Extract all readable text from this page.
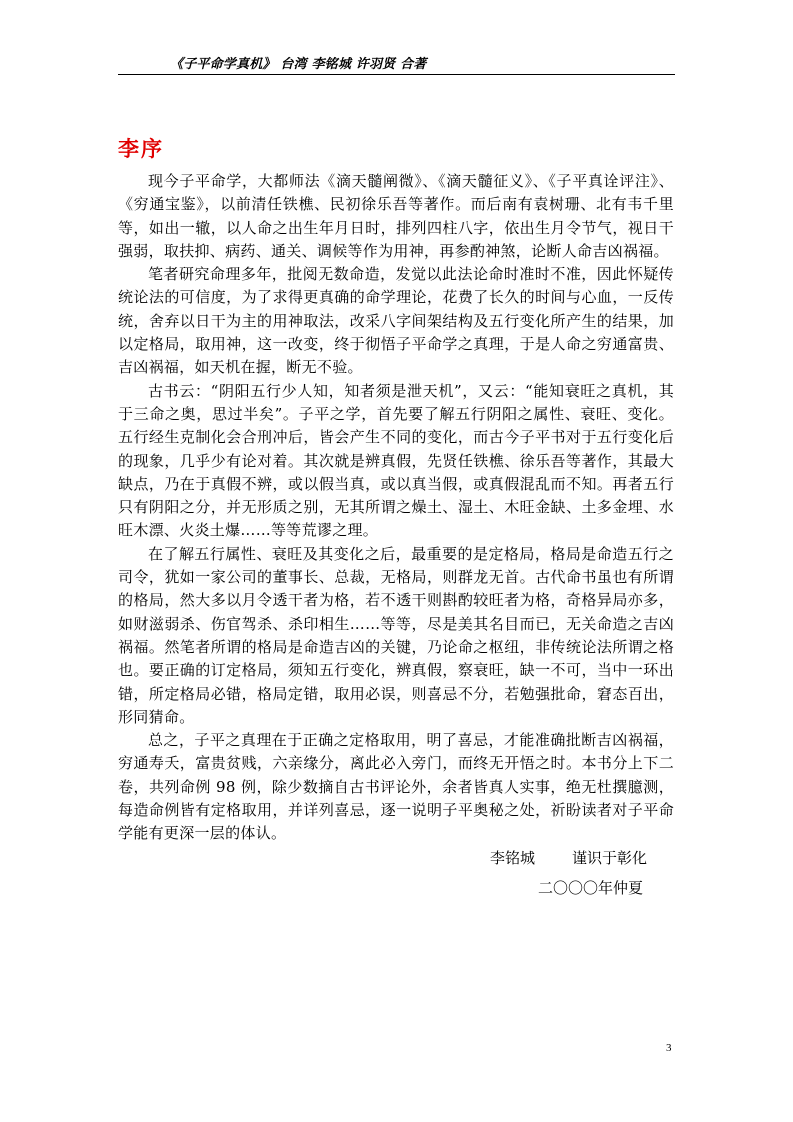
《子平命学真机》 台湾 李铭城 许羽贤 合著
李序

现今子平命学，大都师法《滴天髓阐微》、《滴天髓征义》、《子平真诠评注》、《穷通宝鉴》，以前清任铁樵、民初徐乐吾等著作。而后南有袁树珊、北有韦千里等，如出一辙，以人命之出生年月日时，排列四柱八字，依出生月令节气，视日干强弱，取扶抑、病药、通关、调候等作为用神，再参酌神煞，论断人命吉凶祸福。

笔者研究命理多年，批阅无数命造，发觉以此法论命时准时不准，因此怀疑传统论法的可信度，为了求得更真确的命学理论，花费了长久的时间与心血，一反传统，舍弃以日干为主的用神取法，改采八字间架结构及五行变化所产生的结果，加以定格局，取用神，这一改变，终于彻悟子平命学之真理，于是人命之穷通富贵、吉凶祸福，如天机在握，断无不验。

古书云：“阴阳五行少人知，知者须是泄天机”，又云：“能知衰旺之真机，其于三命之奥，思过半矣”。子平之学，首先要了解五行阴阳之属性、衰旺、变化。五行经生克制化会合刑冲后，皆会产生不同的变化，而古今子平书对于五行变化后的现象，几乎少有论对着。其次就是辨真假，先贤任铁樵、徐乐吾等著作，其最大缺点，乃在于真假不辨，或以假当真，或以真当假，或真假混乱而不知。再者五行只有阴阳之分，并无形质之别，无其所谓之燥土、湿土、木旺金缺、土多金埋、水旺木漂、火炎土爆……等等荒谬之理。

在了解五行属性、衰旺及其变化之后，最重要的是定格局，格局是命造五行之司令，犹如一家公司的董事长、总裁，无格局，则群龙无首。古代命书虽也有所谓的格局，然大多以月令透干者为格，若不透干则斟酌较旺者为格，奇格异局亦多，如财滋弱杀、伤官驾杀、杀印相生……等等，尽是美其名目而已，无关命造之吉凶祸福。然笔者所谓的格局是命造吉凶的关键，乃论命之枢纽，非传统论法所谓之格也。要正确的订定格局，须知五行变化，辨真假，察衰旺，缺一不可，当中一环出错，所定格局必错，格局定错，取用必误，则喜忌不分，若勉强批命，窘态百出，形同猜命。

总之，子平之真理在于正确之定格取用，明了喜忌，才能准确批断吉凶祸福，穷通寿夭，富贵贫贱，六亲缘分，离此必入旁门，而终无开悟之时。本书分上下二卷，共列命例 98 例，除少数摘自古书评论外，余者皆真人实事，绝无杜撰臆测，每造命例皆有定格取用，并详列喜忌，逐一说明子平奥秘之处，祈盼读者对子平命学能有更深一层的体认。

李铭城 谨识于彰化
二〇〇〇年仲夏
3
